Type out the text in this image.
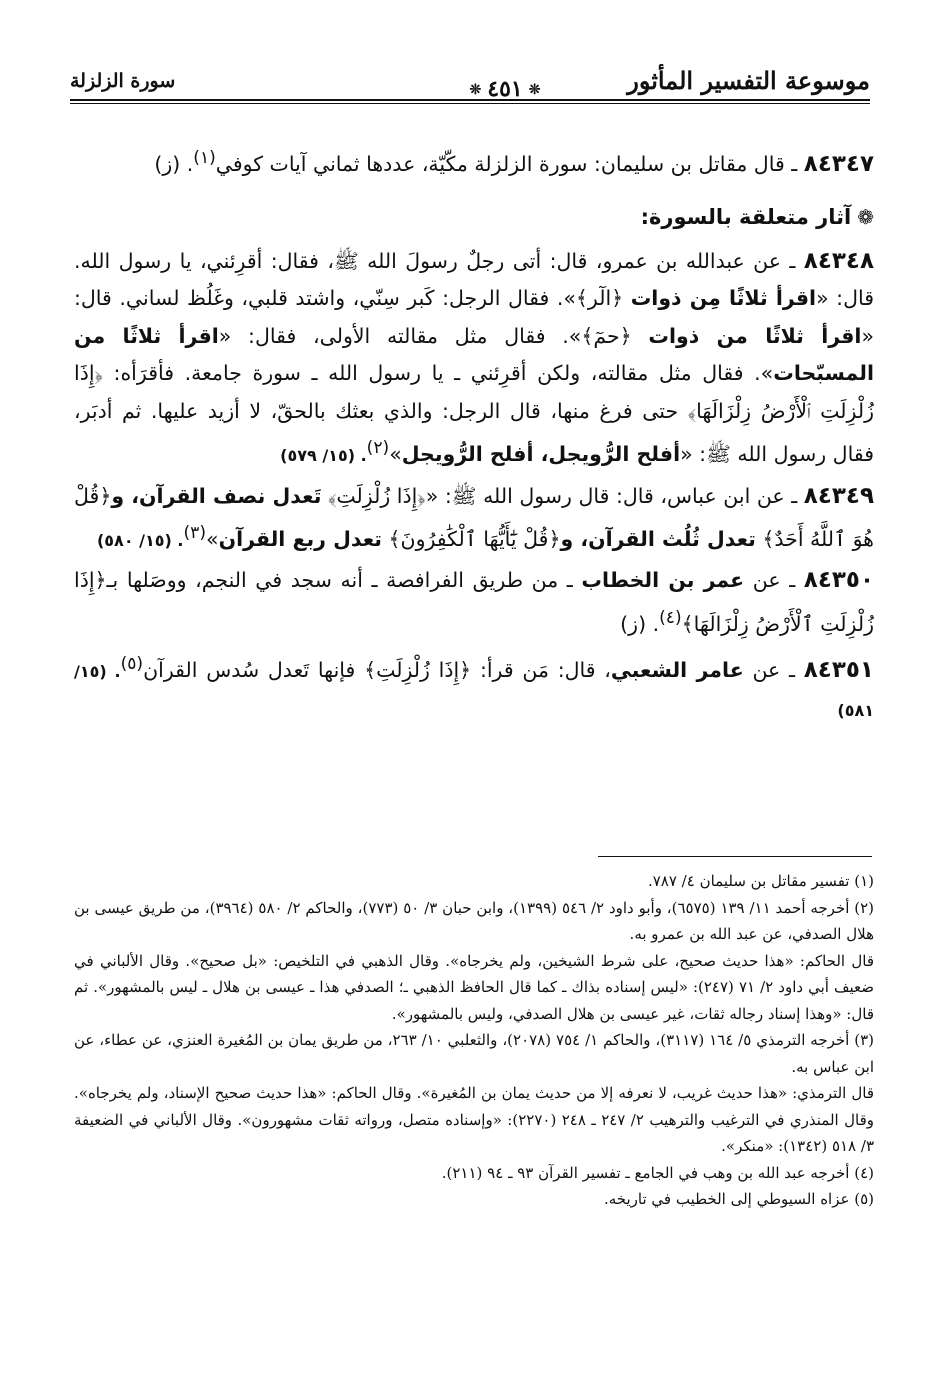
موسوعة التفسير المأثور
❊٤٥١❊
سورة الزلزلة

٨٤٣٤٧ ـ قال مقاتل بن سليمان: سورة الزلزلة مكّيّة، عددها ثماني آيات كوفي$^{(١)}$. (ز)

❁آثار متعلقة بالسورة:

٨٤٣٤٨ ـ عن عبدالله بن عمرو، قال: أتى رجلٌ رسولَ الله ﷺ، فقال: أقرِئني، يا رسول الله. قال: «اقرأ ثلاثًا مِن ذوات ﴿الٓر﴾». فقال الرجل: كَبر سِنّي، واشتد قلبي، وغَلُظ لساني. قال: «اقرأ ثلاثًا من ذوات ﴿حمٓ﴾». فقال مثل مقالته الأولى، فقال: «اقرأ ثلاثًا من المسبّحات». فقال مثل مقالته، ولكن أقرِئني ـ يا رسول الله ـ سورة جامعة. فأقرَأه: ﴿إِذَا زُلْزِلَتِ ٱلْأَرْضُ زِلْزَالَهَا﴾ حتى فرغ منها، قال الرجل: والذي بعثك بالحقّ، لا أزيد عليها. ثم أدبَر، فقال رسول الله ﷺ: «أفلح الرُّويجل، أفلح الرُّويجل»$^{(٢)}$. (١٥/ ٥٧٩)

٨٤٣٤٩ ـ عن ابن عباس، قال: قال رسول الله ﷺ: «﴿إِذَا زُلْزِلَتِ﴾ تَعدل نصف القرآن، و﴿قُلْ هُوَ ٱللَّهُ أَحَدٌ﴾ تعدل ثُلُث القرآن، و﴿قُلْ يَٰٓأَيُّهَا ٱلْكَٰفِرُونَ﴾ تعدل ربع القرآن»$^{(٣)}$. (١٥/ ٥٨٠)

٨٤٣٥٠ ـ عن عمر بن الخطاب ـ من طريق الفرافصة ـ أنه سجد في النجم، ووصَلها بـ﴿إِذَا زُلْزِلَتِ ٱلْأَرْضُ زِلْزَالَهَا﴾$^{(٤)}$. (ز)

٨٤٣٥١ ـ عن عامر الشعبي، قال: مَن قرأ: ﴿إِذَا زُلْزِلَتِ﴾ فإنها تَعدل سُدس القرآن$^{(٥)}$. (١٥/ ٥٨١)

(١) تفسير مقاتل بن سليمان ٤/ ٧٨٧.

(٢) أخرجه أحمد ١١/ ١٣٩ (٦٥٧٥)، وأبو داود ٢/ ٥٤٦ (١٣٩٩)، وابن حبان ٣/ ٥٠ (٧٧٣)، والحاكم ٢/ ٥٨٠ (٣٩٦٤)، من طريق عيسى بن هلال الصدفي، عن عبد الله بن عمرو به.

قال الحاكم: «هذا حديث صحيح، على شرط الشيخين، ولم يخرجاه». وقال الذهبي في التلخيص: «بل صحيح». وقال الألباني في ضعيف أبي داود ٢/ ٧١ (٢٤٧): «ليس إسناده بذاك ـ كما قال الحافظ الذهبي ـ؛ الصدفي هذا ـ عيسى بن هلال ـ ليس بالمشهور». ثم قال: «وهذا إسناد رجاله ثقات، غير عيسى بن هلال الصدفي، وليس بالمشهور».

(٣) أخرجه الترمذي ٥/ ١٦٤ (٣١١٧)، والحاكم ١/ ٧٥٤ (٢٠٧٨)، والثعلبي ١٠/ ٢٦٣، من طريق يمان بن المُغيرة العنزي، عن عطاء، عن ابن عباس به.

قال الترمذي: «هذا حديث غريب، لا نعرفه إلا من حديث يمان بن المُغيرة». وقال الحاكم: «هذا حديث صحيح الإسناد، ولم يخرجاه». وقال المنذري في الترغيب والترهيب ٢/ ٢٤٧ ـ ٢٤٨ (٢٢٧٠): «وإسناده متصل، ورواته ثقات مشهورون». وقال الألباني في الضعيفة ٣/ ٥١٨ (١٣٤٢): «منكر».

(٤) أخرجه عبد الله بن وهب في الجامع ـ تفسير القرآن ٩٣ ـ ٩٤ (٢١١).

(٥) عزاه السيوطي إلى الخطيب في تاريخه.
